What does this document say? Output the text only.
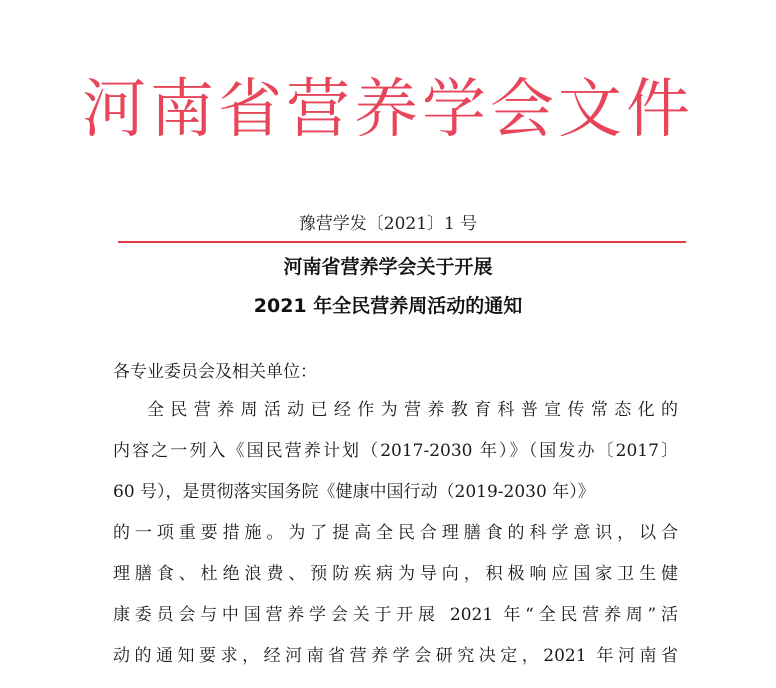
河南省营养学会文件
豫营学发〔2021〕1 号
河南省营养学会关于开展
2021 年全民营养周活动的通知
各专业委员会及相关单位：
全民营养周活动已经作为营养教育科普宣传常态化的
内容之一列入《国民营养计划（2017-2030 年）》（国发办〔2017〕
60 号），是贯彻落实国务院《健康中国行动（2019-2030 年）》
的一项重要措施。为了提高全民合理膳食的科学意识，以合
理膳食、杜绝浪费、预防疾病为导向，积极响应国家卫生健
康委员会与中国营养学会关于开展 2021 年“全民营养周”活
动的通知要求，经河南省营养学会研究决定，2021 年河南省
